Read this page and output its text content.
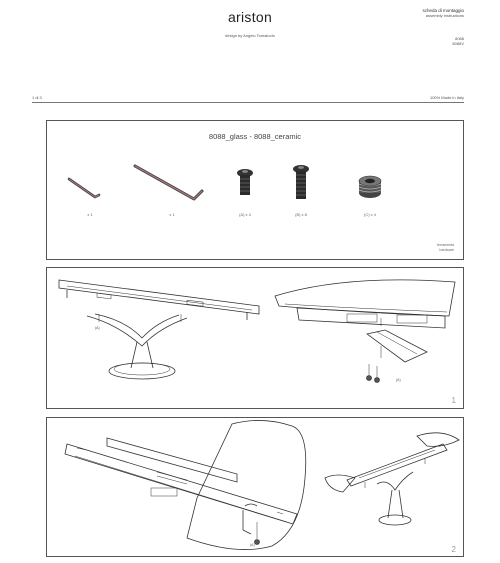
ariston
design by Angelo Tomaiuolo
scheda di montaggio
assembly instructions
8088
8088V
1 di 3	100% Made in Italy
8088_glass - 8088_ceramic
x 1	x 1	(A) x 4	(B) x 8	(C) x 4
ferramenta
hardware
(A)
(A)
1
(A)	2
